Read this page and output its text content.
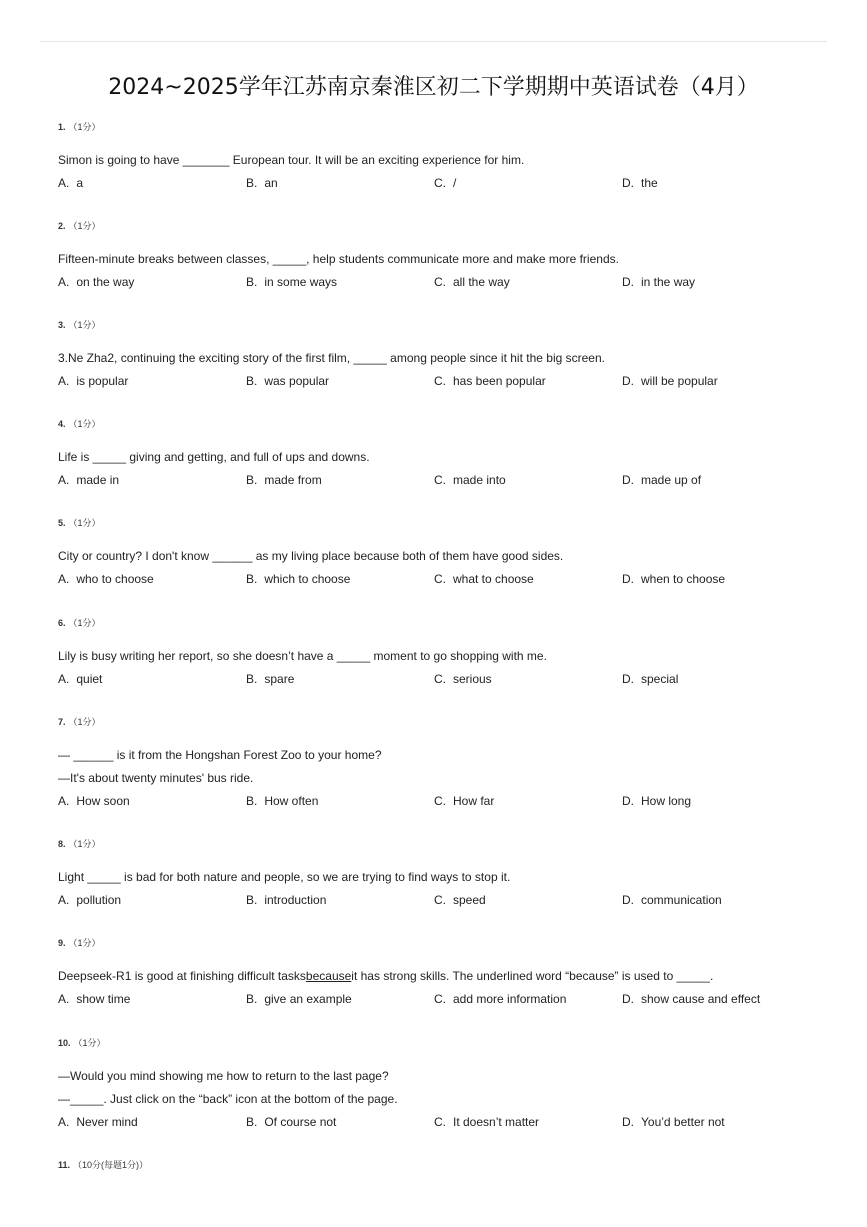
2024~2025学年江苏南京秦淮区初二下学期期中英语试卷（4月）
1. （1分）
Simon is going to have _______ European tour. It will be an exciting experience for him.
A. a	B. an	C. /	D. the
2. （1分）
Fifteen-minute breaks between classes, _____, help students communicate more and make more friends.
A. on the way	B. in some ways	C. all the way	D. in the way
3. （1分）
3.Ne Zha2, continuing the exciting story of the first film, _____ among people since it hit the big screen.
A. is popular	B. was popular	C. has been popular	D. will be popular
4. （1分）
Life is _____ giving and getting, and full of ups and downs.
A. made in	B. made from	C. made into	D. made up of
5. （1分）
City or country? I don't know ______ as my living place because both of them have good sides.
A. who to choose	B. which to choose	C. what to choose	D. when to choose
6. （1分）
Lily is busy writing her report, so she doesn’t have a _____ moment to go shopping with me.
A. quiet	B. spare	C. serious	D. special
7. （1分）
— ______ is it from the Hongshan Forest Zoo to your home?
—It's about twenty minutes' bus ride.
A. How soon	B. How often	C. How far	D. How long
8. （1分）
Light _____ is bad for both nature and people, so we are trying to find ways to stop it.
A. pollution	B. introduction	C. speed	D. communication
9. （1分）
Deepseek-R1 is good at finishing difficult tasksbecauseit has strong skills. The underlined word “because” is used to _____.
A. show time	B. give an example	C. add more information	D. show cause and effect
10. （1分）
—Would you mind showing me how to return to the last page?
—_____. Just click on the “back” icon at the bottom of the page.
A. Never mind	B. Of course not	C. It doesn’t matter	D. You’d better not
11. （10分(每题1分)）
